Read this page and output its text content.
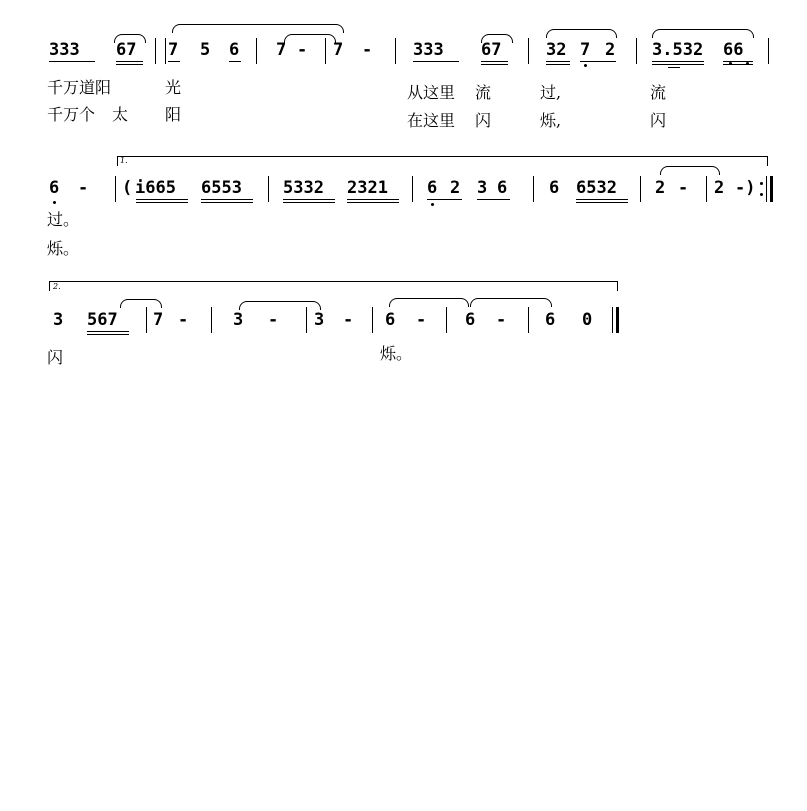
333 67 7 5 6 7 - 7 - 333 67	32 7 2 3.532 66
千万道阳	光	从这里 流	过,	流
千万个 太 阳	在这里 闪	烁,	闪
1.
6 - ( i665 6553 5332 2321 6 2 3 6 6 6532 2 - 2 -)
过。
烁。
2.
3 567 7 -	3 - 3 - 6 - 6 - 6 0
闪	烁。
